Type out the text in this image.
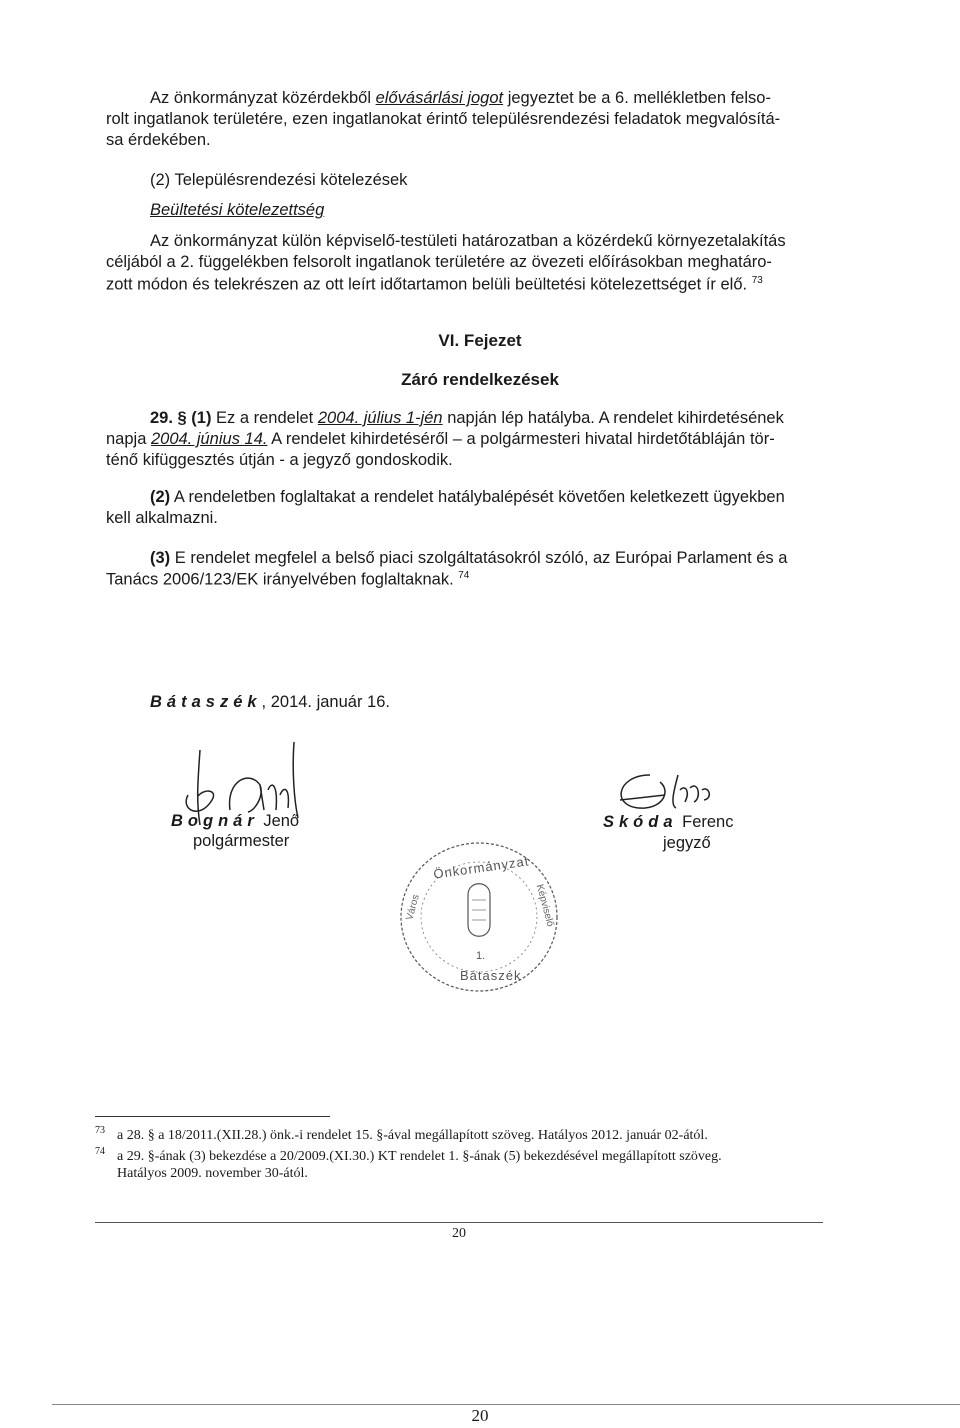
Az önkormányzat közérdekből elővásárlási jogot jegyeztet be a 6. mellékletben felso-
rolt ingatlanok területére, ezen ingatlanokat érintő településrendezési feladatok megvalósítá-
sa érdekében.
(2) Településrendezési kötelezések
Beültetési kötelezettség
Az önkormányzat külön képviselő-testületi határozatban a közérdekű környezetalakítás
céljából a 2. függelékben felsorolt ingatlanok területére az övezeti előírásokban meghatáro-
zott módon és telekrészen az ott leírt időtartamon belüli beültetési kötelezettséget ír elő. $^{73}$
VI. Fejezet
Záró rendelkezések
29. § (1) Ez a rendelet 2004. július 1-jén napján lép hatályba. A rendelet kihirdetésének
napja 2004. június 14. A rendelet kihirdetéséről – a polgármesteri hivatal hirdetőtábláján tör-
ténő kifüggesztés útján - a jegyző gondoskodik.
(2) A rendeletben foglaltakat a rendelet hatálybalépését követően keletkezett ügyekben
kell alkalmazni.
(3) E rendelet megfelel a belső piaci szolgáltatásokról szóló, az Európai Parlament és a
Tanács 2006/123/EK irányelvében foglaltaknak. $^{74}$
Bátaszék, 2014. január 16.
Bognár Jenő
polgármester
Skóda Ferenc
jegyző
Önkormányzat
Bátaszék
Város	Képviselő
1.
$^{73}$ a 28. § a 18/2011.(XII.28.) önk.-i rendelet 15. §-ával megállapított szöveg. Hatályos 2012. január 02-ától.
$^{74}$ a 29. §-ának (3) bekezdése a 20/2009.(XI.30.) KT rendelet 1. §-ának (5) bekezdésével megállapított szöveg.
Hatályos 2009. november 30-ától.
20
20
